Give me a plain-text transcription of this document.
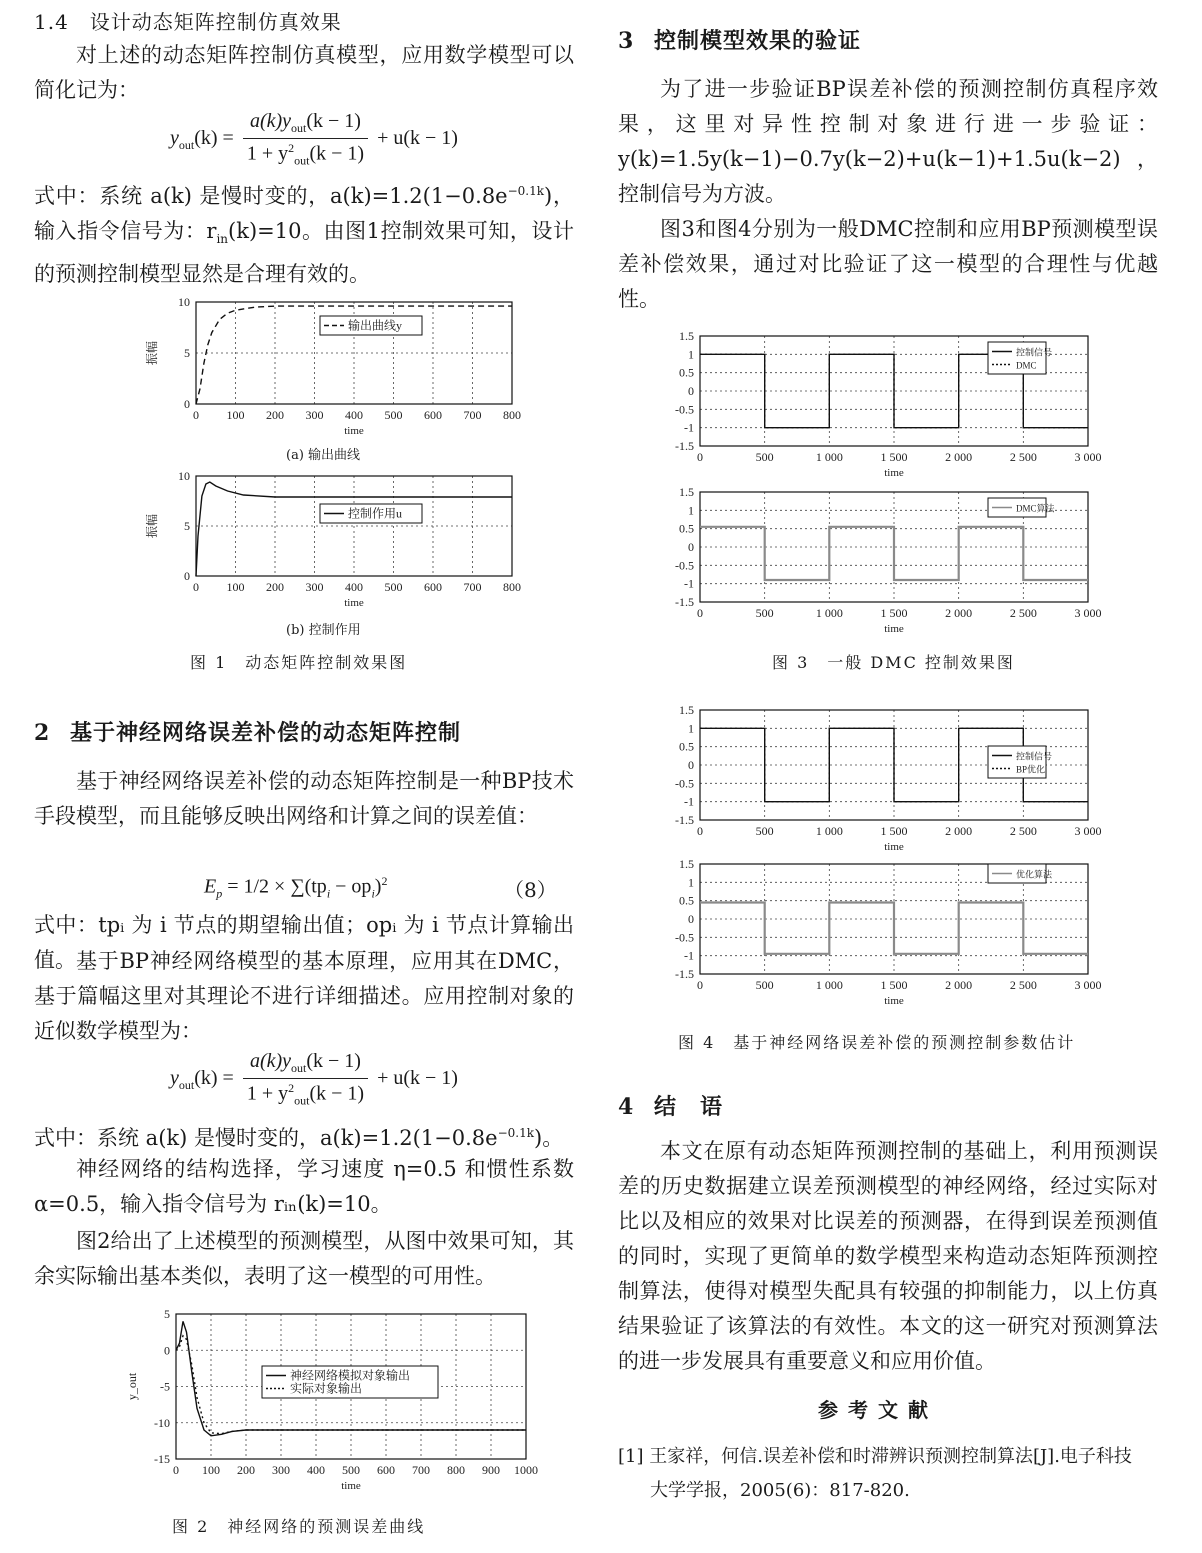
1.4　设计动态矩阵控制仿真效果

对上述的动态矩阵控制仿真模型，应用数学模型可以简化记为：

$y_{out}(k) = \frac{a(k)y_{out}(k - 1)}{1 + y^2_{out}(k - 1)} + u(k - 1)$

式中：系统 a(k) 是慢时变的，$a(k)=1.2(1-0.8e^{-0.1k})$，输入指令信号为：$r_{in}(k)=10$。由图1控制效果可知，设计的预测控制模型显然是合理有效的。

0 100 200 300 400 500 600 700 800
0
5
10
time
振幅
输出曲线y
(a) 输出曲线
0 100 200 300 400 500 600 700 800
0
5
10
time
振幅
控制作用u
(b) 控制作用
图 1　动态矩阵控制效果图
2 基于神经网络误差补偿的动态矩阵控制

基于神经网络误差补偿的动态矩阵控制是一种BP技术手段模型，而且能够反映出网络和计算之间的误差值：

$E_p = 1/2 \times \sum(tp_i - op_i)^2$	（8）

式中：tpᵢ 为 i 节点的期望输出值；opᵢ 为 i 节点计算输出值。 基于BP神经网络模型的基本原理，应用其在DMC，基于篇幅这里对其理论不进行详细描述。应用控制对象的近似数学模型为：

$y_{out}(k) = \frac{a(k)y_{out}(k - 1)}{1 + y^2_{out}(k - 1)} + u(k - 1)$

式中：系统 a(k) 是慢时变的，$a(k)=1.2(1-0.8e^{-0.1k})$。

神经网络的结构选择，学习速度 η=0.5 和惯性系数 α=0.5，输入指令信号为 rᵢₙ(k)=10。

图2给出了上述模型的预测模型，从图中效果可知，其余实际输出基本类似，表明了这一模型的可用性。

0 100 200 300 400 500 600 700 800 900 1000
5
0
-5
-10
-15
time
y_out	神经网络模拟对象输出
实际对象输出
图 2　神经网络的预测误差曲线
3 控制模型效果的验证

为了进一步验证BP误差补偿的预测控制仿真程序效果，这里对异性控制对象进行进一步验证：y(k)=1.5y(k−1)−0.7y(k−2)+u(k−1)+1.5u(k−2)，控制信号为方波。

图3和图4分别为一般DMC控制和应用BP预测模型误差补偿效果，通过对比验证了这一模型的合理性与优越性。

0	500	1 000	1 500	2 000	2 500	3 000
1.5
1
0.5
0
-0.5
-1
-1.5
time
控制信号
DMC
0	500	1 000	1 500	2 000	2 500	3 000
1.5
1
0.5
0
-0.5
-1
-1.5
time
DMC算法
图 3　一般 DMC 控制效果图
0	500	1 000	1 500	2 000	2 500	3 000
1.5
1
0.5
0
-0.5
-1
-1.5
time
控制信号
BP优化
0	500	1 000	1 500	2 000	2 500	3 000
1.5
1
0.5
0
-0.5
-1
-1.5
time
优化算法
图 4　基于神经网络误差补偿的预测控制参数估计
4 结　语

本文在原有动态矩阵预测控制的基础上，利用预测误差的历史数据建立误差预测模型的神经网络，经过实际对比以及相应的效果对比误差的预测器，在得到误差预测值的同时，实现了更简单的数学模型来构造动态矩阵预测控制算法，使得对模型失配具有较强的抑制能力，以上仿真结果验证了该算法的有效性。本文的这一研究对预测算法的进一步发展具有重要意义和应用价值。

参考文献
[1] 王家祥，何信.误差补偿和时滞辨识预测控制算法[J].电子科技
大学学报，2005(6)：817-820.
